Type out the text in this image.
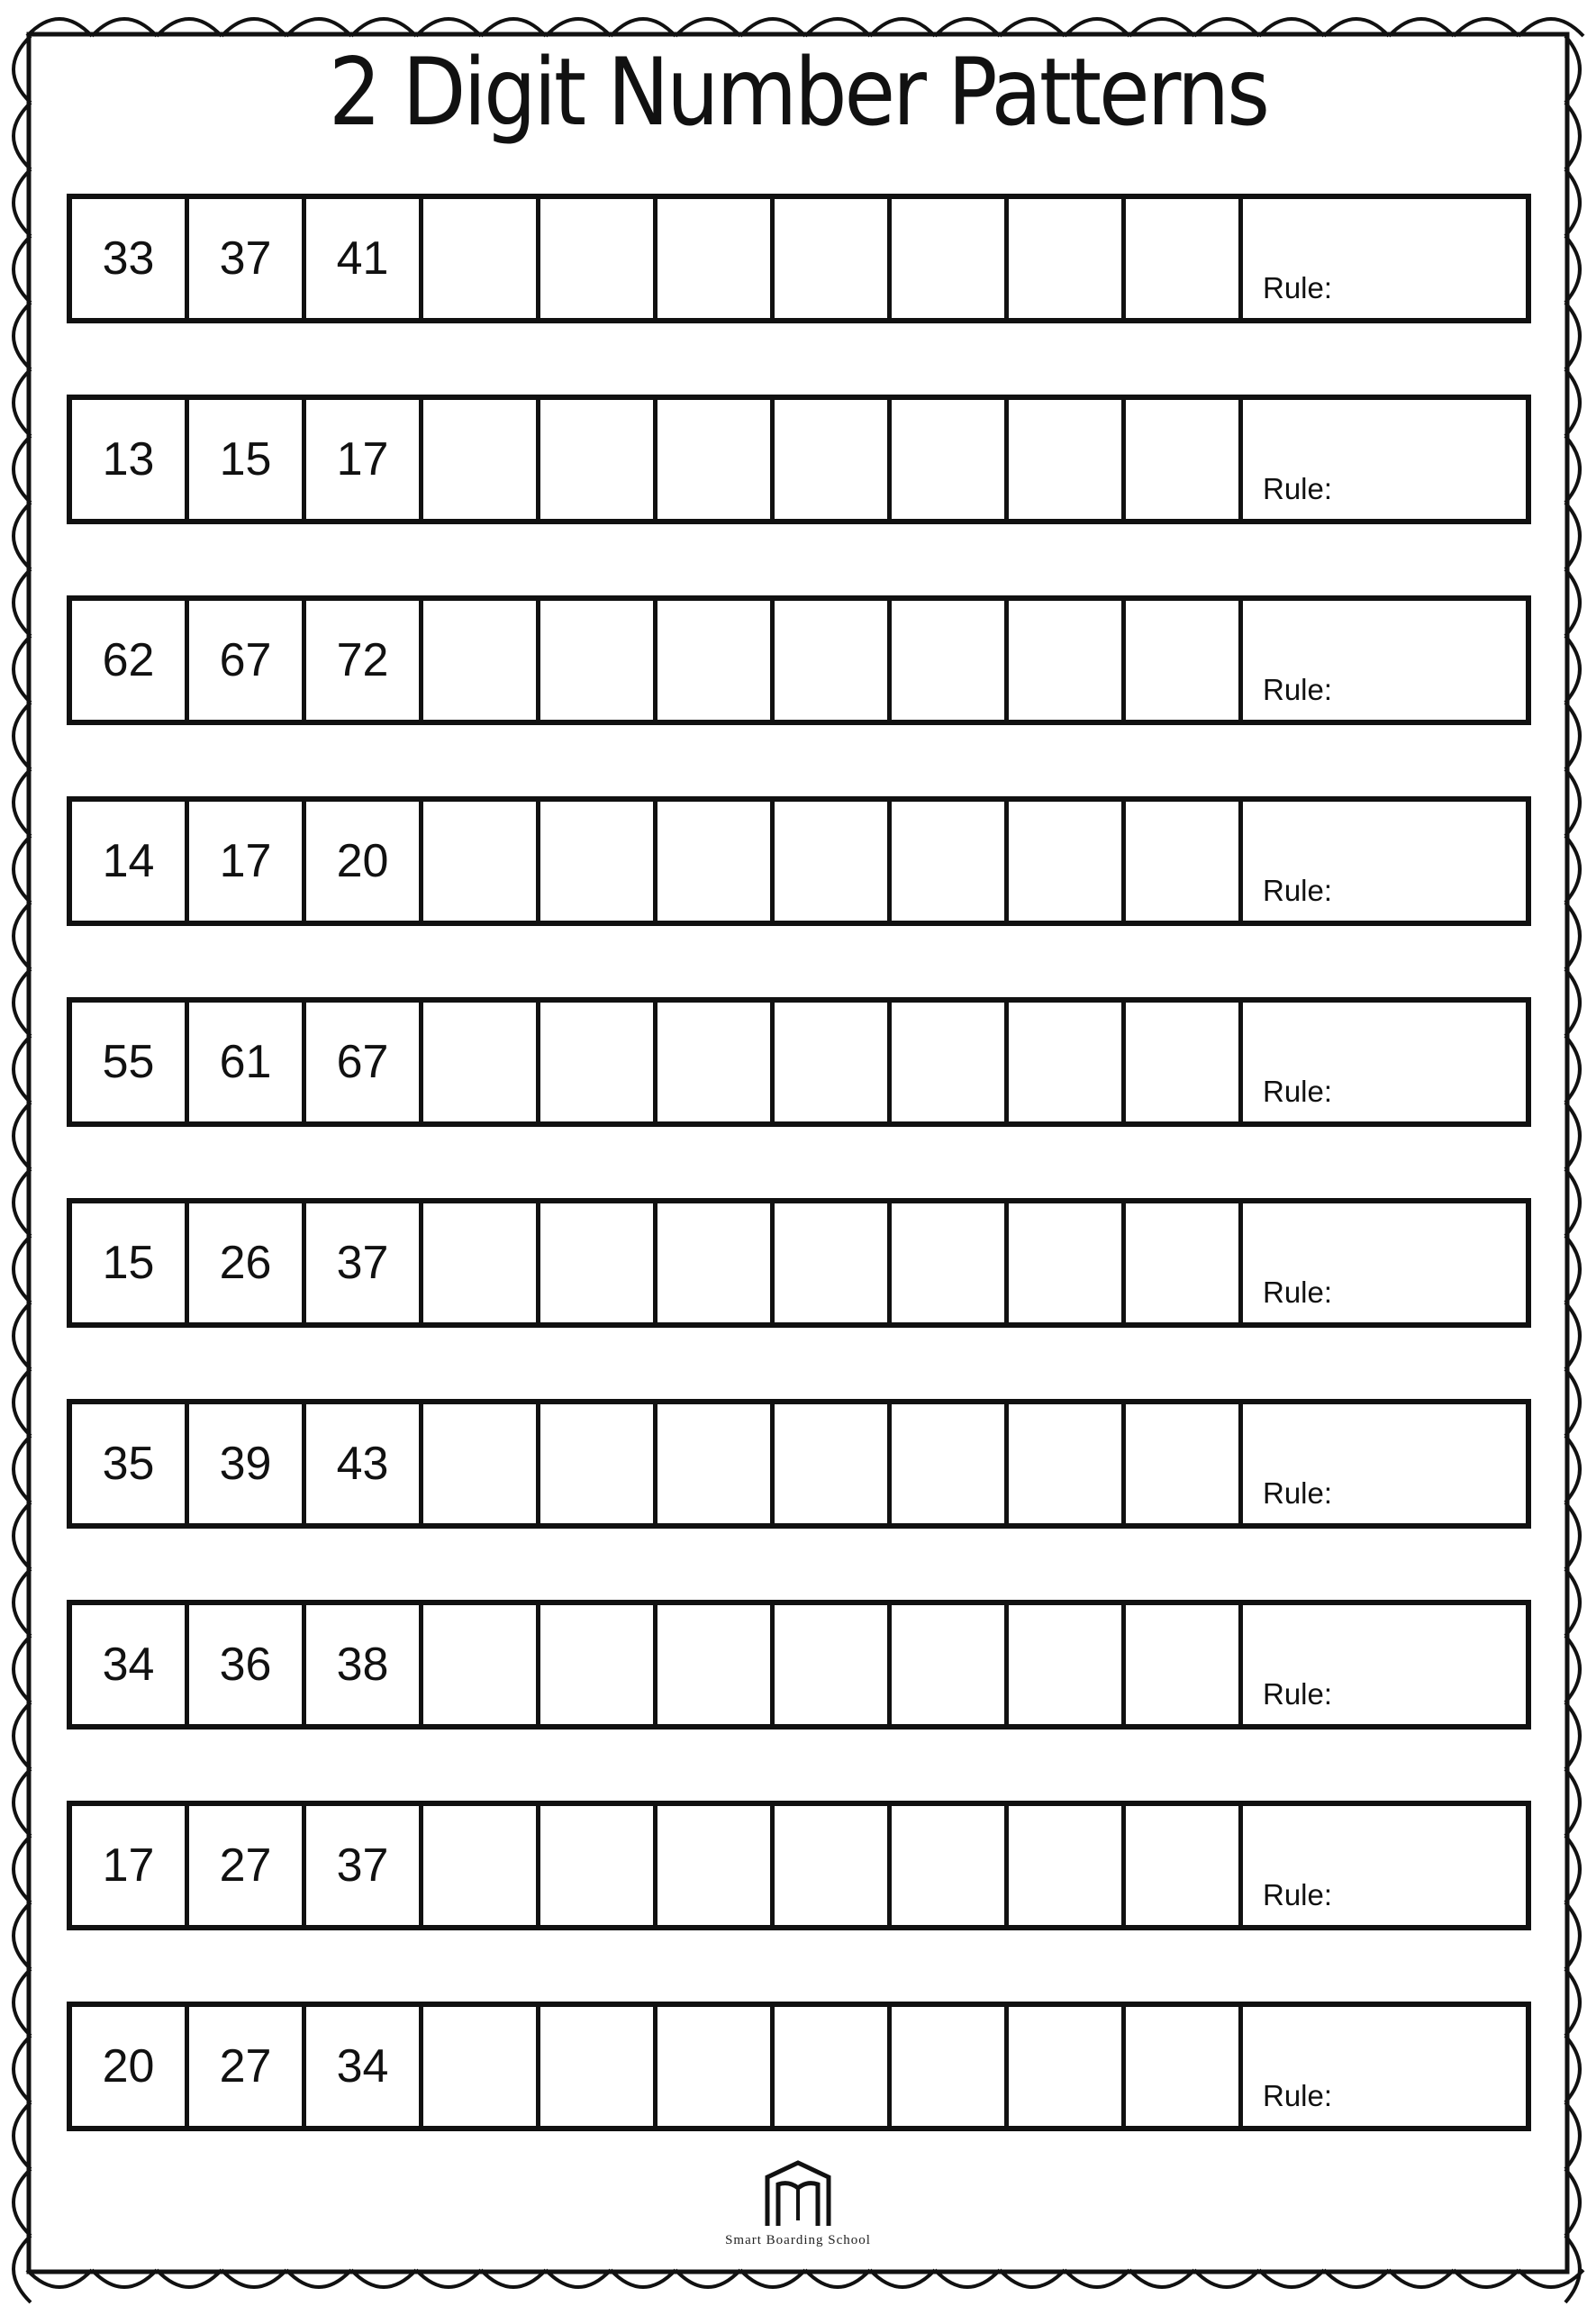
2 Digit Number Patterns
33	37	41
Rule:
13	15	17
Rule:
62	67	72
Rule:
14	17	20
Rule:
55	61	67
Rule:
15	26	37
Rule:
35	39	43
Rule:
34	36	38
Rule:
17	27	37
Rule:
20	27	34
Rule:
Smart Boarding School
